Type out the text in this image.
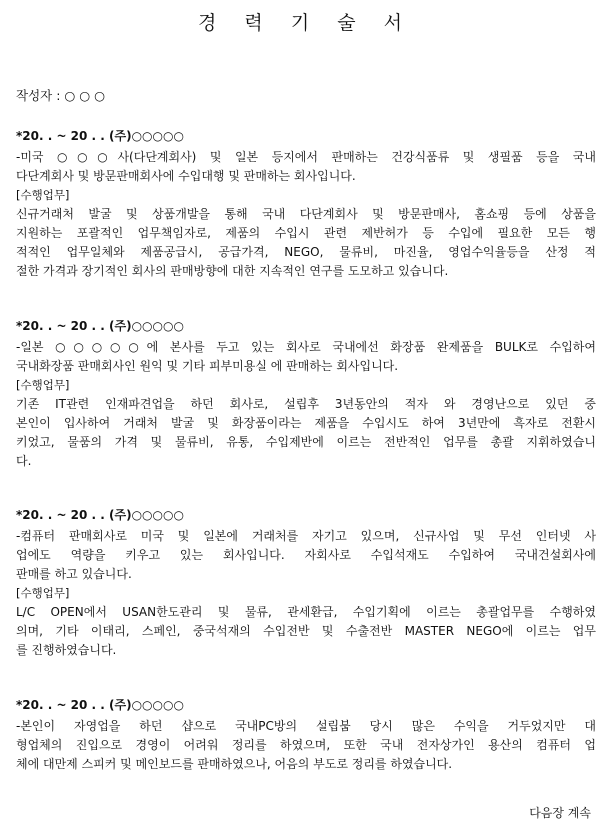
경 력 기 술 서
작성자 : ○ ○ ○
*20. . ~ 20 . . (주)○○○○○
-미국 ○○○사(다단계회사) 및 일본 등지에서 판매하는 건강식품류 및 생필품 등을 국내
다단계회사 및 방문판매회사에 수입대행 및 판매하는 회사입니다.
[수행업무]
신규거래처 발굴 및 상품개발을 통해 국내 다단계회사 및 방문판매사, 홈쇼핑 등에 상품을
지원하는 포괄적인 업무책임자로, 제품의 수입시 관련 제반허가 등 수입에 필요한 모든 행
적적인 업무일체와 제품공급시, 공급가격, NEGO, 물류비, 마진율, 영업수익율등을 산정 적
절한 가격과 장기적인 회사의 판매방향에 대한 지속적인 연구를 도모하고 있습니다.
*20. . ~ 20 . . (주)○○○○○
-일본 ○○○○○에 본사를 두고 있는 회사로 국내에선 화장품 완제품을 BULK로 수입하여
국내화장품 판매회사인 원익 및 기타 피부미용실 에 판매하는 회사입니다.
[수행업무]
기존 IT관련 인재파견업을 하던 회사로, 설립후 3년동안의 적자 와 경영난으로 있던 중
본인이 입사하여 거래처 발굴 및 화장품이라는 제품을 수입시도 하여 3년만에 흑자로 전환시
키었고, 물품의 가격 및 물류비, 유통, 수입제반에 이르는 전반적인 업무를 총괄 지휘하였습니
다.
*20. . ~ 20 . . (주)○○○○○
-컴퓨터 판매회사로 미국 및 일본에 거래처를 자기고 있으며, 신규사업 및 무선 인터넷 사
업에도 역량을 키우고 있는 회사입니다. 자회사로 수입석재도 수입하여 국내건설회사에
판매를 하고 있습니다.
[수행업무]
L/C OPEN에서 USAN한도관리 및 물류, 관세환급, 수입기획에 이르는 총괄업무를 수행하였
의며, 기타 이태리, 스페인, 중국석재의 수입전반 및 수출전반 MASTER NEGO에 이르는 업무
를 진행하였습니다.
*20. . ~ 20 . . (주)○○○○○
-본인이 자영업을 하던 샵으로 국내PC방의 설립붐 당시 많은 수익을 거두었지만 대
형업체의 진입으로 경영이 어려워 정리를 하였으며, 또한 국내 전자상가인 용산의 컴퓨터 업
체에 대만제 스피커 및 메인보드를 판매하였으나, 어음의 부도로 정리를 하였습니다.
다음장 계속
